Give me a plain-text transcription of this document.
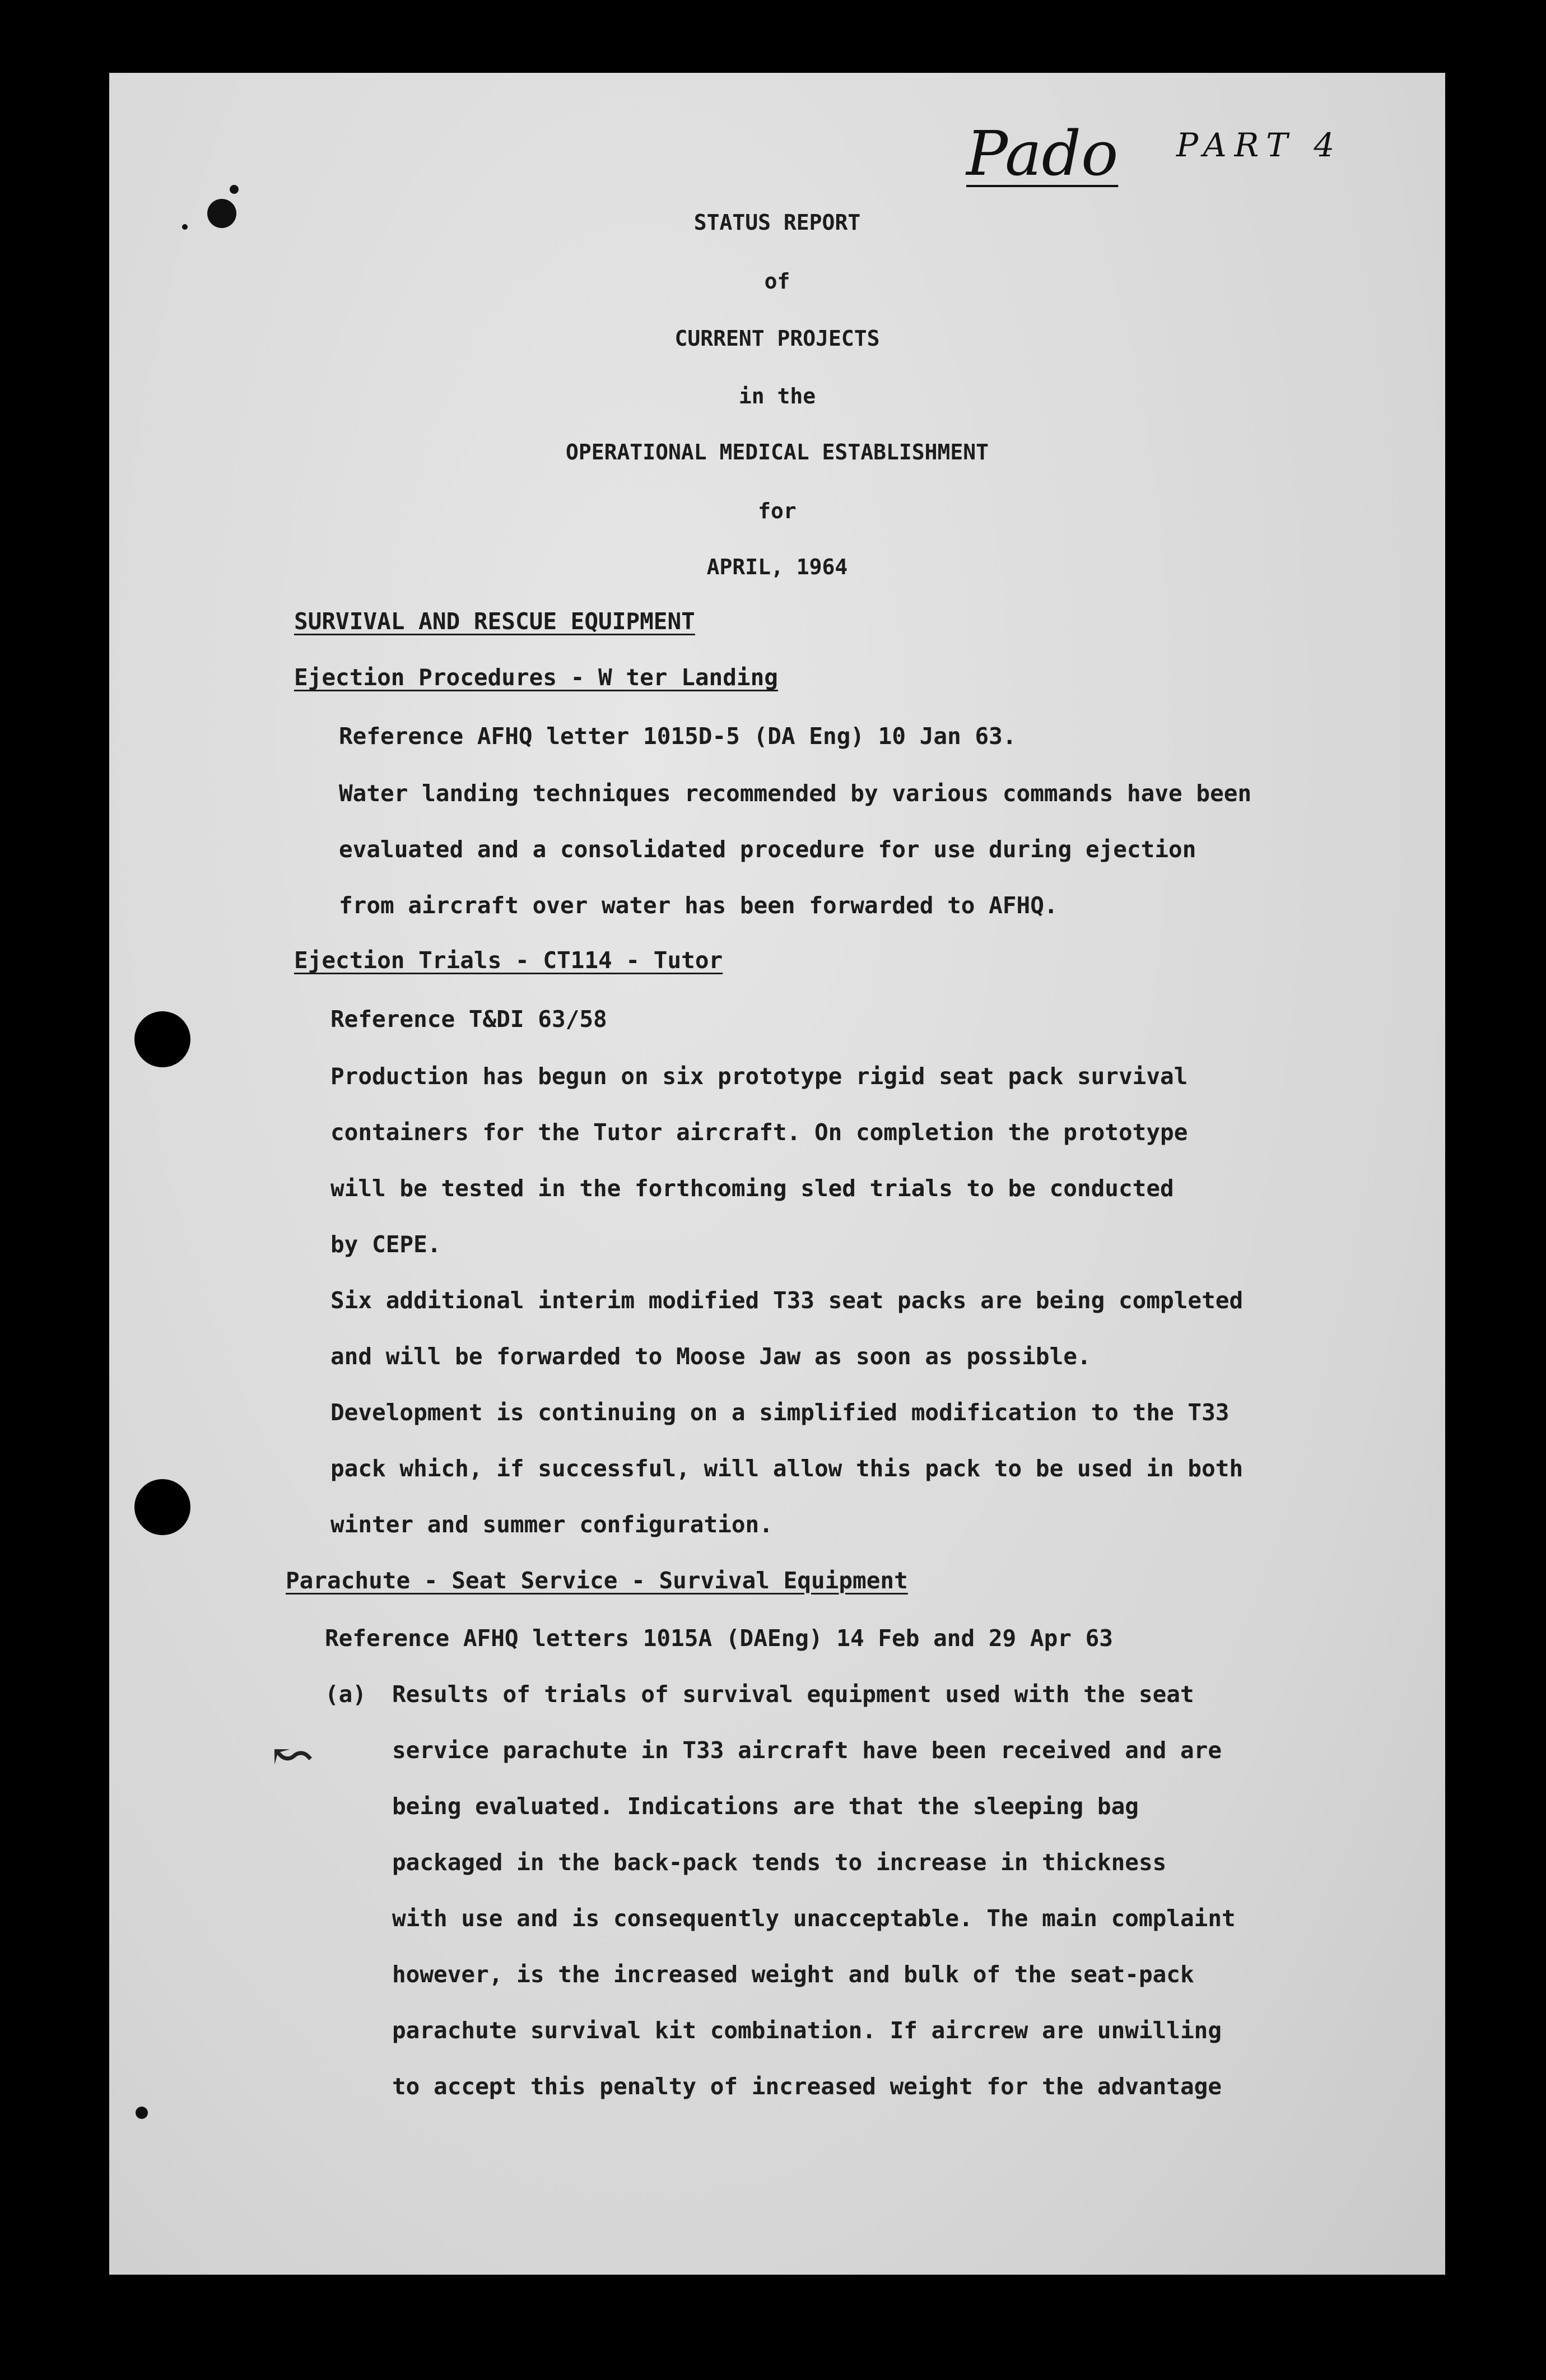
Pado PART 4
↜
STATUS REPORT
of
CURRENT PROJECTS
in the
OPERATIONAL MEDICAL ESTABLISHMENT
for
APRIL, 1964
SURVIVAL AND RESCUE EQUIPMENT
Ejection Procedures - W ter Landing
Reference AFHQ letter 1015D-5 (DA Eng) 10 Jan 63.
Water landing techniques recommended by various commands have been
evaluated and a consolidated procedure for use during ejection
from aircraft over water has been forwarded to AFHQ.
Ejection Trials - CT114 - Tutor
Reference T&DI 63/58
Production has begun on six prototype rigid seat pack survival
containers for the Tutor aircraft. On completion the prototype
will be tested in the forthcoming sled trials to be conducted
by CEPE.
Six additional interim modified T33 seat packs are being completed
and will be forwarded to Moose Jaw as soon as possible.
Development is continuing on a simplified modification to the T33
pack which, if successful, will allow this pack to be used in both
winter and summer configuration.
Parachute - Seat Service - Survival Equipment
Reference AFHQ letters 1015A (DAEng) 14 Feb and 29 Apr 63
(a) Results of trials of survival equipment used with the seat
service parachute in T33 aircraft have been received and are
being evaluated. Indications are that the sleeping bag
packaged in the back-pack tends to increase in thickness
with use and is consequently unacceptable. The main complaint
however, is the increased weight and bulk of the seat-pack
parachute survival kit combination. If aircrew are unwilling
to accept this penalty of increased weight for the advantage
